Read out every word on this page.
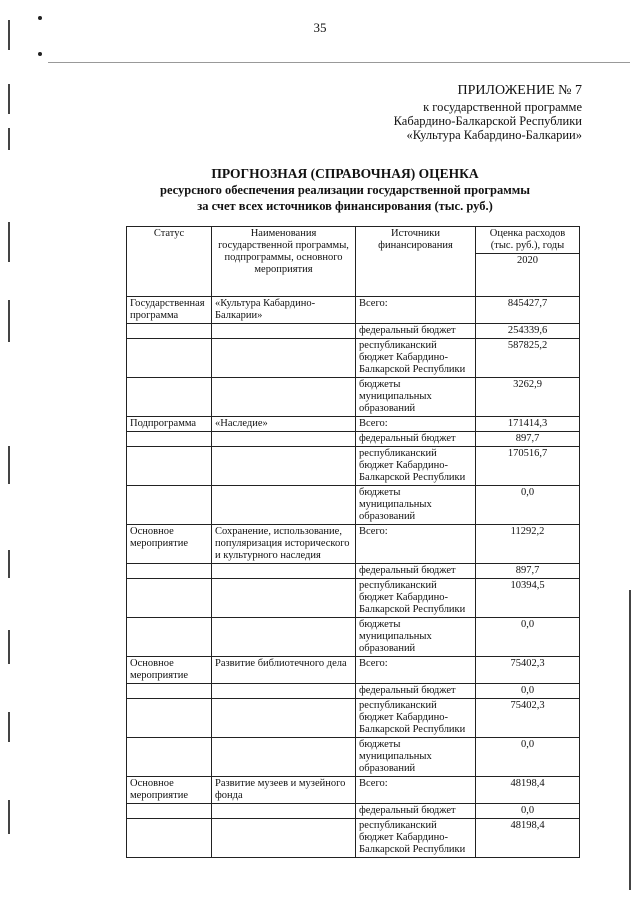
35
ПРИЛОЖЕНИЕ № 7
к государственной программе
Кабардино-Балкарской Республики
«Культура Кабардино-Балкарии»
ПРОГНОЗНАЯ (СПРАВОЧНАЯ) ОЦЕНКА
ресурсного обеспечения реализации государственной программы
за счет всех источников финансирования (тыс. руб.)
Статус	Наименования государственной программы, подпрограммы, основного мероприятия	Источники финансирования	Оценка расходов (тыс. руб.), годы
			2020
Государственная программа	«Культура Кабардино-Балкарии»	Всего:	845427,7
		федеральный бюджет	254339,6
		республиканский бюджет Кабардино-Балкарской Республики	587825,2
		бюджеты муниципальных образований	3262,9
Подпрограмма	«Наследие»	Всего:	171414,3
		федеральный бюджет	897,7
		республиканский бюджет Кабардино-Балкарской Республики	170516,7
		бюджеты муниципальных образований	0,0
Основное мероприятие	Сохранение, использование, популяризация исторического и культурного наследия	Всего:	11292,2
		федеральный бюджет	897,7
		республиканский бюджет Кабардино-Балкарской Республики	10394,5
		бюджеты муниципальных образований	0,0
Основное мероприятие	Развитие библиотечного дела	Всего:	75402,3
		федеральный бюджет	0,0
		республиканский бюджет Кабардино-Балкарской Республики	75402,3
		бюджеты муниципальных образований	0,0
Основное мероприятие	Развитие музеев и музейного фонда	Всего:	48198,4
		федеральный бюджет	0,0
		республиканский бюджет Кабардино-Балкарской Республики	48198,4
